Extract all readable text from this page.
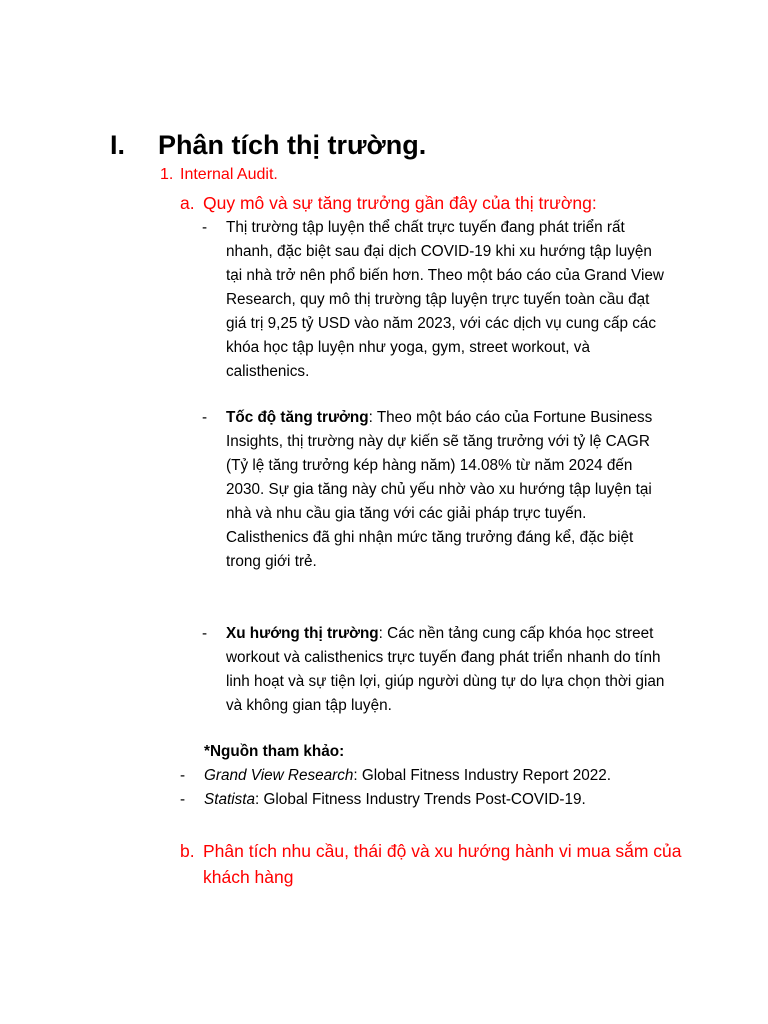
I. Phân tích thị trường.
1. Internal Audit.
a. Quy mô và sự tăng trưởng gần đây của thị trường:
- Thị trường tập luyện thể chất trực tuyến đang phát triển rất nhanh, đặc biệt sau đại dịch COVID-19 khi xu hướng tập luyện tại nhà trở nên phổ biến hơn. Theo một báo cáo của Grand View Research, quy mô thị trường tập luyện trực tuyến toàn cầu đạt giá trị 9,25 tỷ USD vào năm 2023, với các dịch vụ cung cấp các khóa học tập luyện như yoga, gym, street workout, và calisthenics.
- Tốc độ tăng trưởng: Theo một báo cáo của Fortune Business Insights, thị trường này dự kiến sẽ tăng trưởng với tỷ lệ CAGR (Tỷ lệ tăng trưởng kép hàng năm) 14.08% từ năm 2024 đến 2030. Sự gia tăng này chủ yếu nhờ vào xu hướng tập luyện tại nhà và nhu cầu gia tăng với các giải pháp trực tuyến. Calisthenics đã ghi nhận mức tăng trưởng đáng kể, đặc biệt trong giới trẻ.
- Xu hướng thị trường: Các nền tảng cung cấp khóa học street workout và calisthenics trực tuyến đang phát triển nhanh do tính linh hoạt và sự tiện lợi, giúp người dùng tự do lựa chọn thời gian và không gian tập luyện.
*Nguồn tham khảo:
- Grand View Research: Global Fitness Industry Report 2022.
- Statista: Global Fitness Industry Trends Post-COVID-19.
b. Phân tích nhu cầu, thái độ và xu hướng hành vi mua sắm của khách hàng
